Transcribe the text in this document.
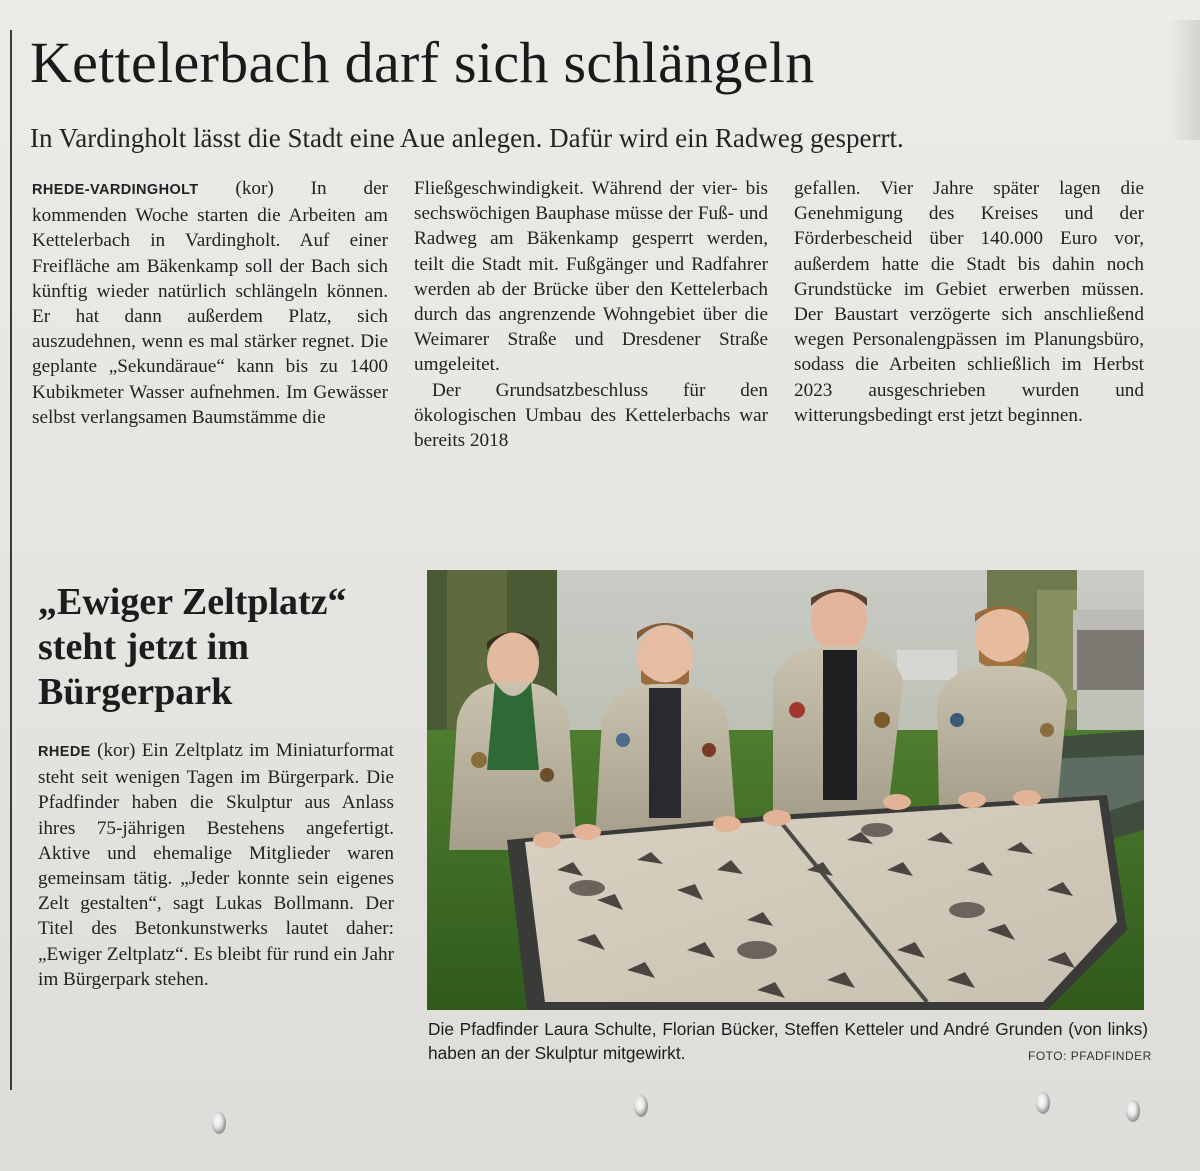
Kettelerbach darf sich schlängeln
In Vardingholt lässt die Stadt eine Aue anlegen. Dafür wird ein Radweg gesperrt.

RHEDE-VARDINGHOLT (kor) In der kommenden Woche starten die Arbeiten am Kettelerbach in Vardingholt. Auf einer Freifläche am Bäkenkamp soll der Bach sich künftig wieder natürlich schlängeln können. Er hat dann außerdem Platz, sich auszudehnen, wenn es mal stärker regnet. Die geplante „Sekundäraue“ kann bis zu 1400 Kubikmeter Wasser aufnehmen. Im Gewässer selbst verlangsamen Baumstämme die

Fließgeschwindigkeit. Während der vier- bis sechswöchigen Bauphase müsse der Fuß- und Radweg am Bäkenkamp gesperrt werden, teilt die Stadt mit. Fußgänger und Radfahrer werden ab der Brücke über den Kettelerbach durch das angrenzende Wohngebiet über die Weimarer Straße und Dresdener Straße umgeleitet.

Der Grundsatzbeschluss für den ökologischen Umbau des Kettelerbachs war bereits 2018

gefallen. Vier Jahre später lagen die Genehmigung des Kreises und der Förderbescheid über 140.000 Euro vor, außerdem hatte die Stadt bis dahin noch Grundstücke im Gebiet erwerben müssen. Der Baustart verzögerte sich anschließend wegen Personalengpässen im Planungsbüro, sodass die Arbeiten schließlich im Herbst 2023 ausgeschrieben wurden und witterungsbedingt erst jetzt beginnen.

„Ewiger Zeltplatz“
steht jetzt im
Bürgerpark

RHEDE (kor) Ein Zeltplatz im Miniaturformat steht seit wenigen Tagen im Bürgerpark. Die Pfadfinder haben die Skulptur aus Anlass ihres 75-jährigen Bestehens angefertigt. Aktive und ehemalige Mitglieder waren gemeinsam tätig. „Jeder konnte sein eigenes Zelt gestalten“, sagt Lukas Bollmann. Der Titel des Betonkunstwerks lautet daher: „Ewiger Zeltplatz“. Es bleibt für rund ein Jahr im Bürgerpark stehen.

Die Pfadfinder Laura Schulte, Florian Bücker, Steffen Ketteler und André Grunden (von links) haben an der Skulptur mitgewirkt.	FOTO: PFADFINDER
